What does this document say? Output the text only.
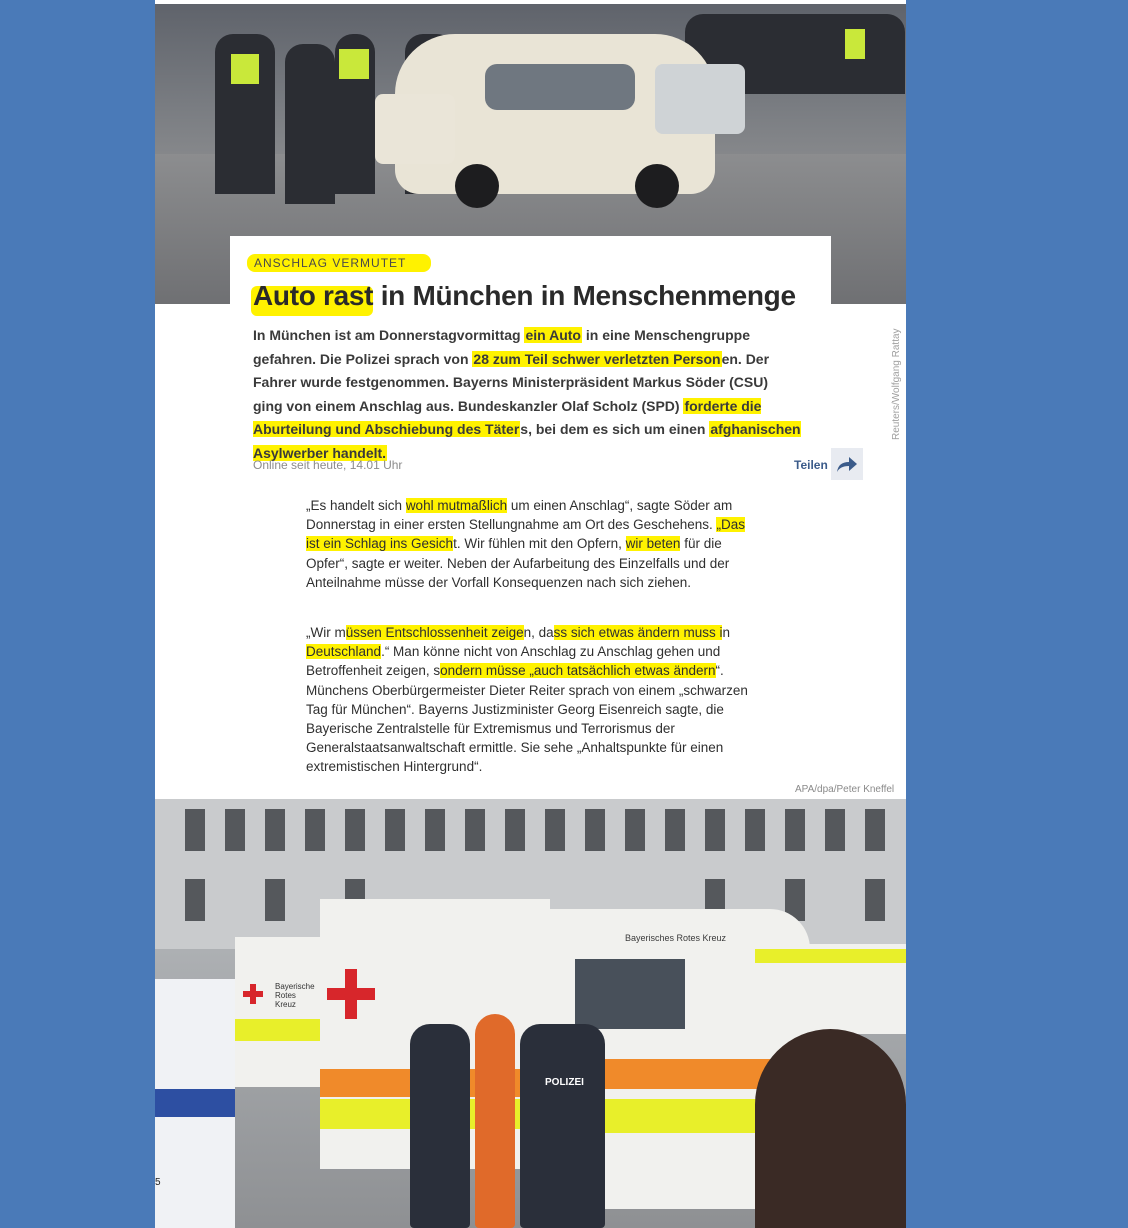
ANSCHLAG VERMUTET
Auto rast in München in Menschenmenge
Reuters/Wolfgang Rattay
In München ist am Donnerstagvormittag ein Auto in eine Menschengruppe gefahren. Die Polizei sprach von 28 zum Teil schwer verletzten Personen. Der Fahrer wurde festgenommen. Bayerns Ministerpräsident Markus Söder (CSU) ging von einem Anschlag aus. Bundeskanzler Olaf Scholz (SPD) forderte die Aburteilung und Abschiebung des Täters, bei dem es sich um einen afghanischen Asylwerber handelt.
Online seit heute, 14.01 Uhr	Teilen
„Es handelt sich wohl mutmaßlich um einen Anschlag“, sagte Söder am Donnerstag in einer ersten Stellungnahme am Ort des Geschehens. „Das ist ein Schlag ins Gesicht. Wir fühlen mit den Opfern, wir beten für die Opfer“, sagte er weiter. Neben der Aufarbeitung des Einzelfalls und der Anteilnahme müsse der Vorfall Konsequenzen nach sich ziehen.
„Wir müssen Entschlossenheit zeigen, dass sich etwas ändern muss in Deutschland.“ Man könne nicht von Anschlag zu Anschlag gehen und Betroffenheit zeigen, sondern müsse „auch tatsächlich etwas ändern“. Münchens Oberbürgermeister Dieter Reiter sprach von einem „schwarzen Tag für München“. Bayerns Justizminister Georg Eisenreich sagte, die Bayerische Zentralstelle für Extremismus und Terrorismus der Generalstaatsanwaltschaft ermittle. Sie sehe „Anhaltspunkte für einen extremistischen Hintergrund“.
APA/dpa/Peter Kneffel
Bayerische
Rotes
Kreuz
Bayerisches Rotes Kreuz
5
POLIZEI
